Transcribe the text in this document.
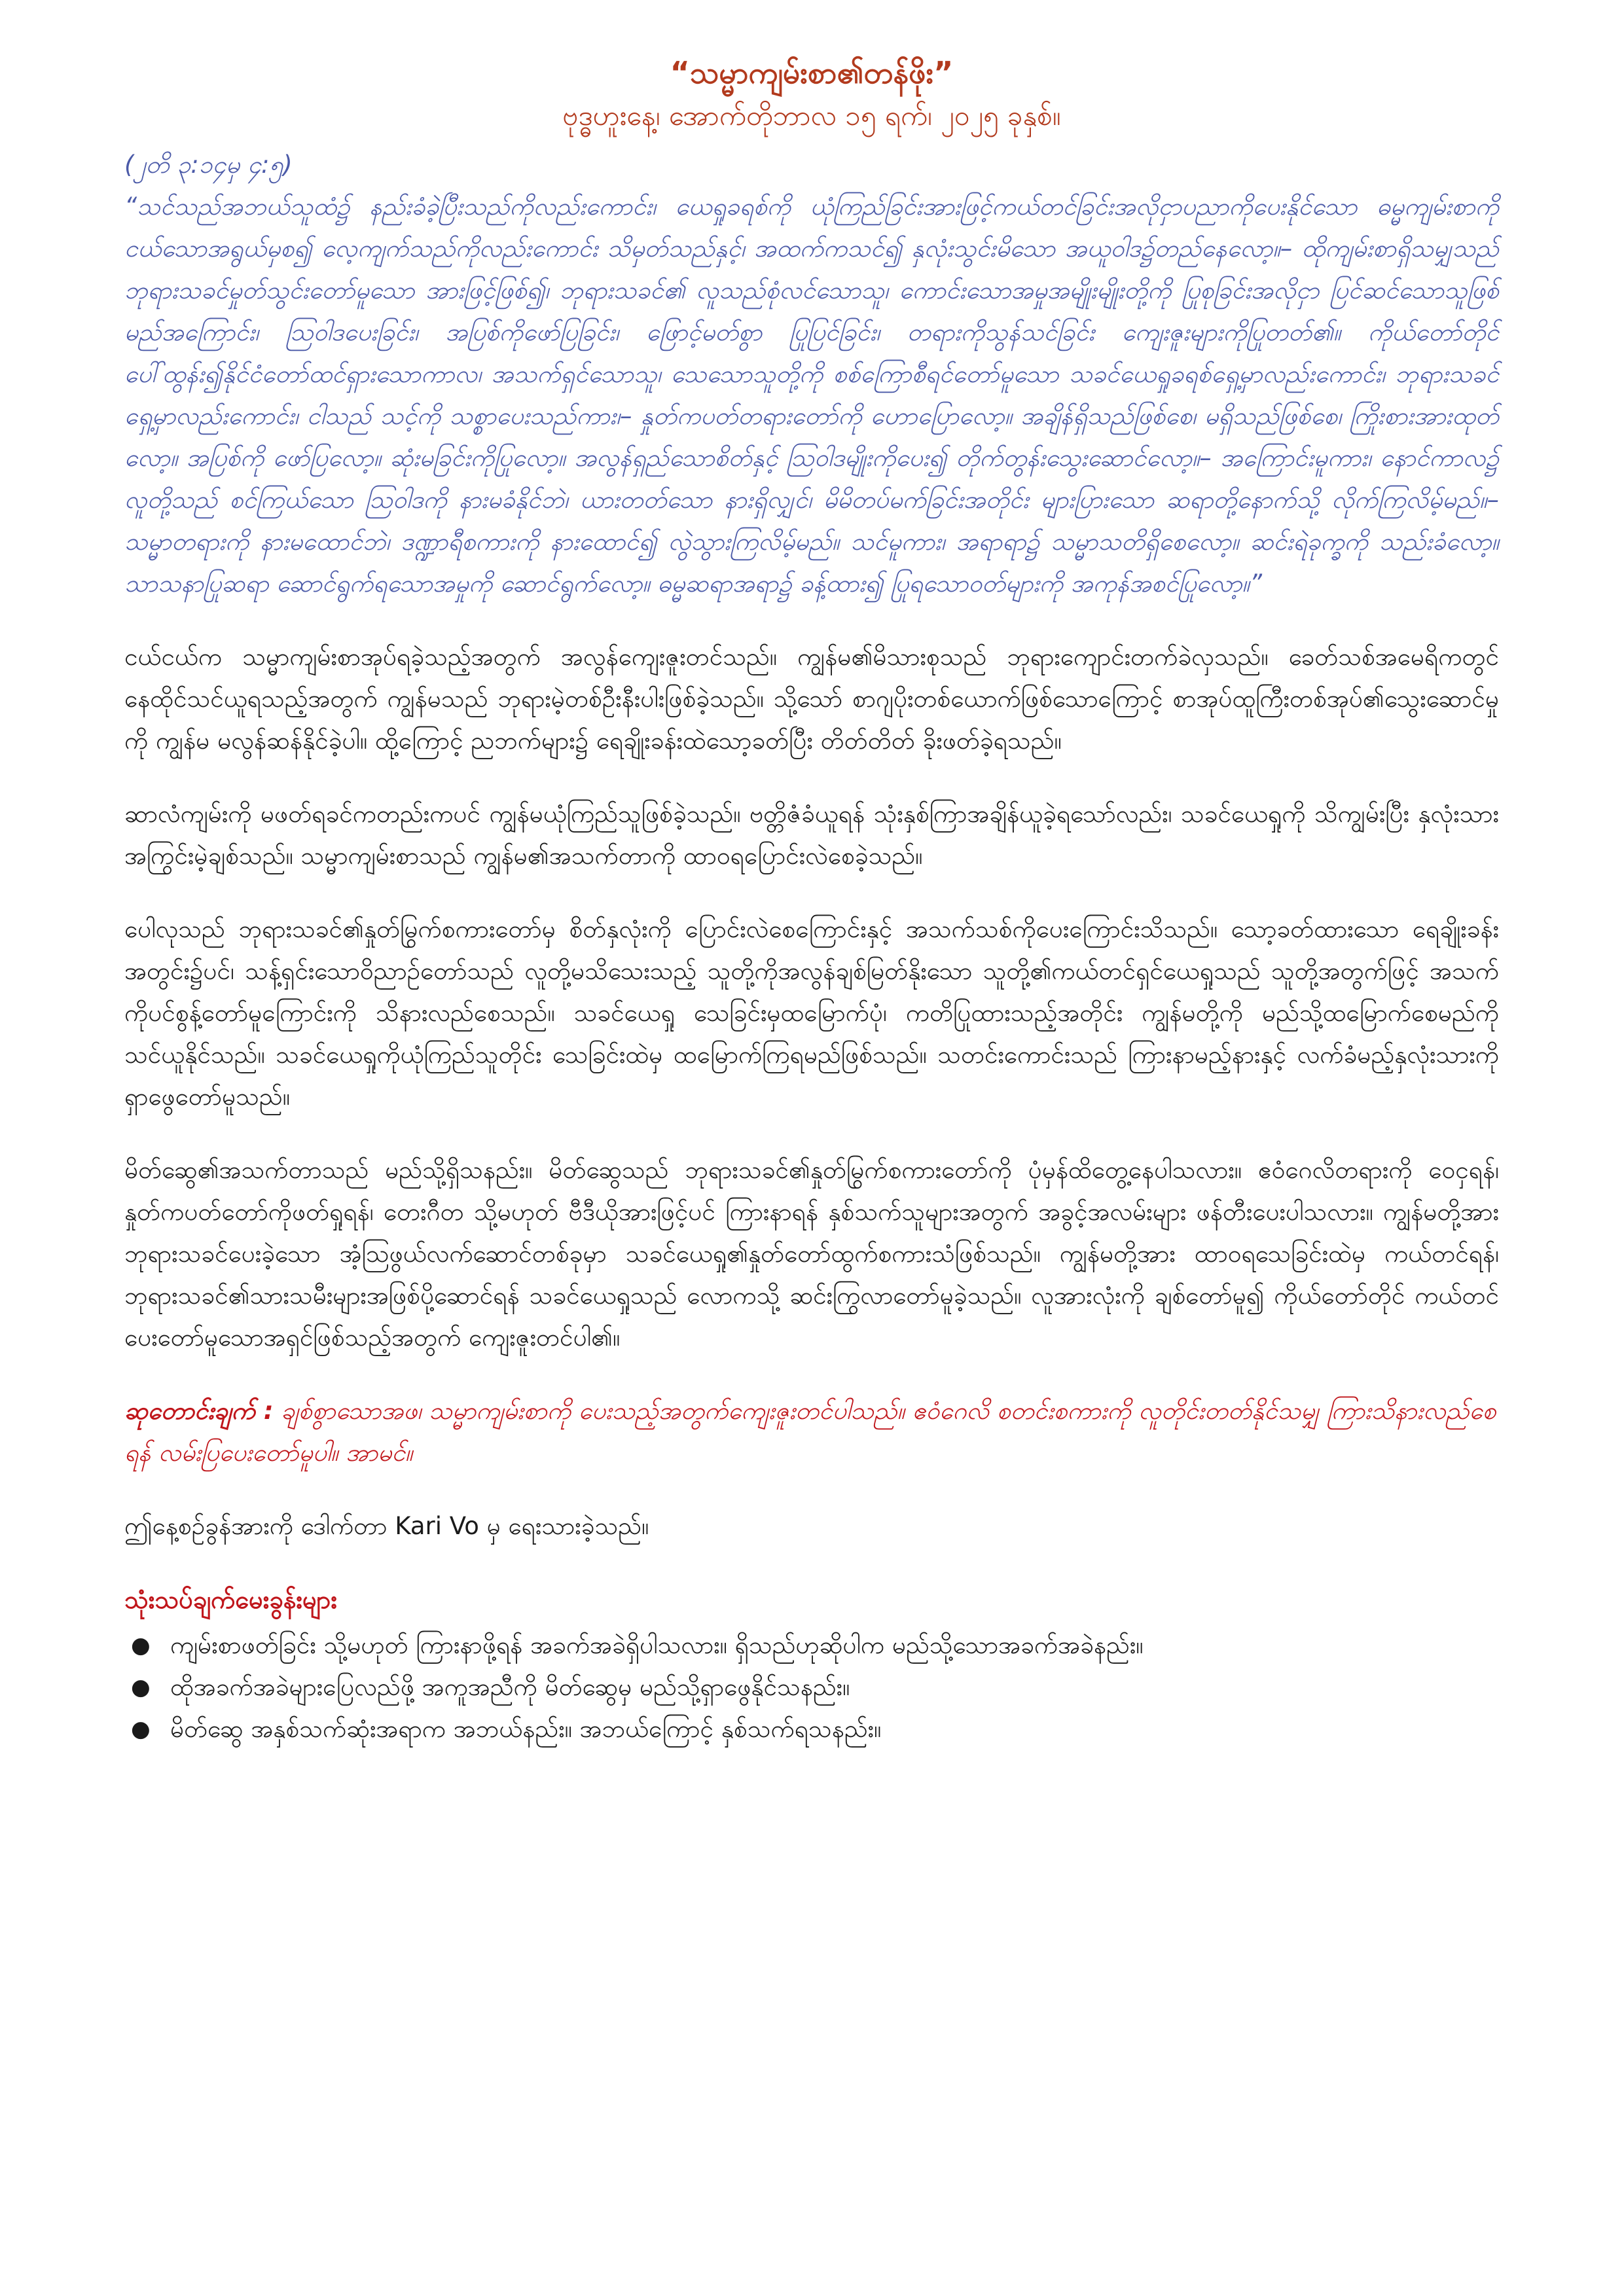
“သမ္မာကျမ်းစာ၏တန်ဖိုး”

ဗုဒ္ဓဟူးနေ့၊ အောက်တိုဘာလ ၁၅ ရက်၊ ၂၀၂၅ ခုနှစ်။

(၂တိ ၃:၁၄မှ ၄:၅)

“သင်သည်အဘယ်သူထံ၌ နည်းခံခဲ့ပြီးသည်ကိုလည်းကောင်း၊ ယေရှုခရစ်ကို ယုံကြည်ခြင်းအားဖြင့်ကယ်တင်ခြင်းအလိုငှာပညာကိုပေးနိုင်သော ဓမ္မကျမ်းစာကို ငယ်သောအရွယ်မှစ၍ လေ့ကျက်သည်ကိုလည်းကောင်း သိမှတ်သည်နှင့်၊ အထက်ကသင်၍ နှလုံးသွင်းမိသော အယူဝါဒ၌တည်နေလော့။– ထိုကျမ်းစာရှိသမျှသည် ဘုရားသခင်မှုတ်သွင်းတော်မူသော အားဖြင့်ဖြစ်၍၊ ဘုရားသခင်၏ လူသည်စုံလင်သောသူ၊ ကောင်းသောအမှုအမျိုးမျိုးတို့ကို ပြုစုခြင်းအလိုငှာ ပြင်ဆင်သောသူဖြစ်မည်အကြောင်း၊ ဩဝါဒပေးခြင်း၊ အပြစ်ကိုဖော်ပြခြင်း၊ ဖြောင့်မတ်စွာ ပြုပြင်ခြင်း၊ တရားကိုသွန်သင်ခြင်း ကျေးဇူးများကိုပြုတတ်၏။ ကိုယ်တော်တိုင်ပေါ်ထွန်း၍နိုင်ငံတော်ထင်ရှားသောကာလ၊ အသက်ရှင်သောသူ၊ သေသောသူတို့ကို စစ်ကြောစီရင်တော်မူသော သခင်ယေရှုခရစ်ရှေ့မှာလည်းကောင်း၊ ဘုရားသခင်ရှေ့မှာလည်းကောင်း၊ ငါသည် သင့်ကို သစ္စာပေးသည်ကား၊– နှုတ်ကပတ်တရားတော်ကို ဟောပြောလော့။ အချိန်ရှိသည်ဖြစ်စေ၊ မရှိသည်ဖြစ်စေ၊ ကြိုးစားအားထုတ်လော့။ အပြစ်ကို ဖော်ပြလော့။ ဆုံးမခြင်းကိုပြုလော့။ အလွန်ရှည်သောစိတ်နှင့် ဩဝါဒမျိုးကိုပေး၍ တိုက်တွန်းသွေးဆောင်လော့။– အကြောင်းမူကား၊ နောင်ကာလ၌ လူတို့သည် စင်ကြယ်သော ဩဝါဒကို နားမခံနိုင်ဘဲ၊ ယားတတ်သော နားရှိလျှင်၊ မိမိတပ်မက်ခြင်းအတိုင်း များပြားသော ဆရာတို့နောက်သို့ လိုက်ကြလိမ့်မည်။– သမ္မာတရားကို နားမထောင်ဘဲ၊ ဒဏ္ဍာရီစကားကို နားထောင်၍ လွဲသွားကြလိမ့်မည်။ သင်မူကား၊ အရာရာ၌ သမ္မာသတိရှိစေလော့။ ဆင်းရဲခုက္ခကို သည်းခံလော့။ သာသနာပြုဆရာ ဆောင်ရွက်ရသောအမှုကို ဆောင်ရွက်လော့။ ဓမ္မဆရာအရာ၌ ခန့်ထား၍ ပြုရသောဝတ်များကို အကုန်အစင်ပြုလော့။”

ငယ်ငယ်က သမ္မာကျမ်းစာအုပ်ရခဲ့သည့်အတွက် အလွန်ကျေးဇူးတင်သည်။ ကျွန်မ၏မိသားစုသည် ဘုရားကျောင်းတက်ခဲလှသည်။ ခေတ်သစ်အမေရိကတွင် နေထိုင်သင်ယူရသည့်အတွက် ကျွန်မသည် ဘုရားမဲ့တစ်ဦးနီးပါးဖြစ်ခဲ့သည်။ သို့သော် စာဂျပိုးတစ်ယောက်ဖြစ်သောကြောင့် စာအုပ်ထူကြီးတစ်အုပ်၏သွေးဆောင်မှုကို ကျွန်မ မလွန်ဆန်နိုင်ခဲ့ပါ။ ထို့ကြောင့် ညဘက်များ၌ ရေချိုးခန်းထဲသော့ခတ်ပြီး တိတ်တိတ် ခိုးဖတ်ခဲ့ရသည်။

ဆာလံကျမ်းကို မဖတ်ရခင်ကတည်းကပင် ကျွန်မယုံကြည်သူဖြစ်ခဲ့သည်။ ဗတ္တိဇံခံယူရန် သုံးနှစ်ကြာအချိန်ယူခဲ့ရသော်လည်း၊ သခင်ယေရှုကို သိကျွမ်းပြီး နှလုံးသားအကြွင်းမဲ့ချစ်သည်။ သမ္မာကျမ်းစာသည် ကျွန်မ၏အသက်တာကို ထာဝရပြောင်းလဲစေခဲ့သည်။

ပေါလုသည် ဘုရားသခင်၏နှုတ်မြွက်စကားတော်မှ စိတ်နှလုံးကို ပြောင်းလဲစေကြောင်းနှင့် အသက်သစ်ကိုပေးကြောင်းသိသည်။ သော့ခတ်ထားသော ရေချိုးခန်းအတွင်း၌ပင်၊ သန့်ရှင်းသောဝိညာဉ်တော်သည် လူတို့မသိသေးသည့် သူတို့ကိုအလွန်ချစ်မြတ်နိုးသော သူတို့၏ကယ်တင်ရှင်ယေရှုသည် သူတို့အတွက်ဖြင့် အသက်ကိုပင်စွန့်တော်မူကြောင်းကို သိနားလည်စေသည်။ သခင်ယေရှု သေခြင်းမှထမြောက်ပုံ၊ ကတိပြုထားသည့်အတိုင်း ကျွန်မတို့ကို မည်သို့ထမြောက်စေမည်ကို သင်ယူနိုင်သည်။ သခင်ယေရှုကိုယုံကြည်သူတိုင်း သေခြင်းထဲမှ ထမြောက်ကြရမည်ဖြစ်သည်။ သတင်းကောင်းသည် ကြားနာမည့်နားနှင့် လက်ခံမည့်နှလုံးသားကို ရှာဖွေတော်မူသည်။

မိတ်ဆွေ၏အသက်တာသည် မည်သို့ရှိသနည်း။ မိတ်ဆွေသည် ဘုရားသခင်၏နှုတ်မြွက်စကားတော်ကို ပုံမှန်ထိတွေ့နေပါသလား။ ဧဝံဂေလိတရားကို ဝေငှရန်၊ နှုတ်ကပတ်တော်ကိုဖတ်ရှုရန်၊ တေးဂီတ သို့မဟုတ် ဗီဒီယိုအားဖြင့်ပင် ကြားနာရန် နှစ်သက်သူများအတွက် အခွင့်အလမ်းများ ဖန်တီးပေးပါသလား။ ကျွန်မတို့အား ဘုရားသခင်ပေးခဲ့သော အံ့ဩဖွယ်လက်ဆောင်တစ်ခုမှာ သခင်ယေရှု၏နှုတ်တော်ထွက်စကားသံဖြစ်သည်။ ကျွန်မတို့အား ထာဝရသေခြင်းထဲမှ ကယ်တင်ရန်၊ ဘုရားသခင်၏သားသမီးများအဖြစ်ပို့ဆောင်ရန် သခင်ယေရှုသည် လောကသို့ ဆင်းကြွလာတော်မူခဲ့သည်။ လူအားလုံးကို ချစ်တော်မူ၍ ကိုယ်တော်တိုင် ကယ်တင်ပေးတော်မူသောအရှင်ဖြစ်သည့်အတွက် ကျေးဇူးတင်ပါ၏။

ဆုတောင်းချက် : ချစ်စွာသောအဖ၊ သမ္မာကျမ်းစာကို ပေးသည့်အတွက်ကျေးဇူးတင်ပါသည်။ ဧဝံဂေလိ စတင်းစကားကို လူတိုင်းတတ်နိုင်သမျှ ကြားသိနားလည်စေရန် လမ်းပြပေးတော်မူပါ။ အာမင်။

ဤနေ့စဉ်ခွန်အားကို ဒေါက်တာ Kari Vo မှ ရေးသားခဲ့သည်။

သုံးသပ်ချက်မေးခွန်းများ

● ကျမ်းစာဖတ်ခြင်း သို့မဟုတ် ကြားနာဖို့ရန် အခက်အခဲရှိပါသလား။ ရှိသည်ဟုဆိုပါက မည်သို့သောအခက်အခဲနည်း။
● ထိုအခက်အခဲများပြေလည်ဖို့ အကူအညီကို မိတ်ဆွေမှ မည်သို့ရှာဖွေနိုင်သနည်း။
● မိတ်ဆွေ အနှစ်သက်ဆုံးအရာက အဘယ်နည်း။ အဘယ်ကြောင့် နှစ်သက်ရသနည်း။
